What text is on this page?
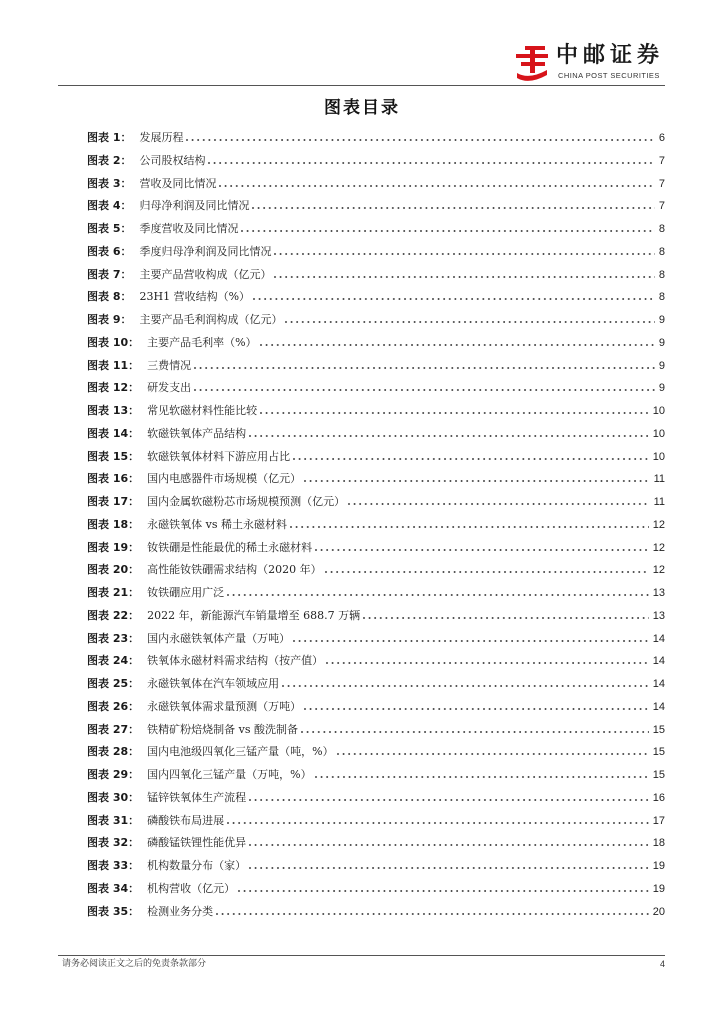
中邮证券
CHINA POST SECURITIES
图表目录
图表 1： 发展历程	6
图表 2： 公司股权结构	7
图表 3： 营收及同比情况	7
图表 4： 归母净利润及同比情况	7
图表 5： 季度营收及同比情况	8
图表 6： 季度归母净利润及同比情况	8
图表 7： 主要产品营收构成（亿元）	8
图表 8： 23H1 营收结构（%）	8
图表 9： 主要产品毛利润构成（亿元）	9
图表 10： 主要产品毛利率（%）	9
图表 11： 三费情况	9
图表 12： 研发支出	9
图表 13： 常见软磁材料性能比较	10
图表 14： 软磁铁氧体产品结构	10
图表 15： 软磁铁氧体材料下游应用占比	10
图表 16： 国内电感器件市场规模（亿元）	11
图表 17： 国内金属软磁粉芯市场规模预测（亿元）	11
图表 18： 永磁铁氧体 vs 稀土永磁材料	12
图表 19： 钕铁硼是性能最优的稀土永磁材料	12
图表 20： 高性能钕铁硼需求结构（2020 年）	12
图表 21： 钕铁硼应用广泛	13
图表 22： 2022 年，新能源汽车销量增至 688.7 万辆	13
图表 23： 国内永磁铁氧体产量（万吨）	14
图表 24： 铁氧体永磁材料需求结构（按产值）	14
图表 25： 永磁铁氧体在汽车领域应用	14
图表 26： 永磁铁氧体需求量预测（万吨）	14
图表 27： 铁精矿粉焙烧制备 vs 酸洗制备	15
图表 28： 国内电池级四氧化三锰产量（吨，%）	15
图表 29： 国内四氧化三锰产量（万吨，%）	15
图表 30： 锰锌铁氧体生产流程	16
图表 31： 磷酸铁布局进展	17
图表 32： 磷酸锰铁锂性能优异	18
图表 33： 机构数量分布（家）	19
图表 34： 机构营收（亿元）	19
图表 35： 检测业务分类	20
请务必阅读正文之后的免责条款部分	4
